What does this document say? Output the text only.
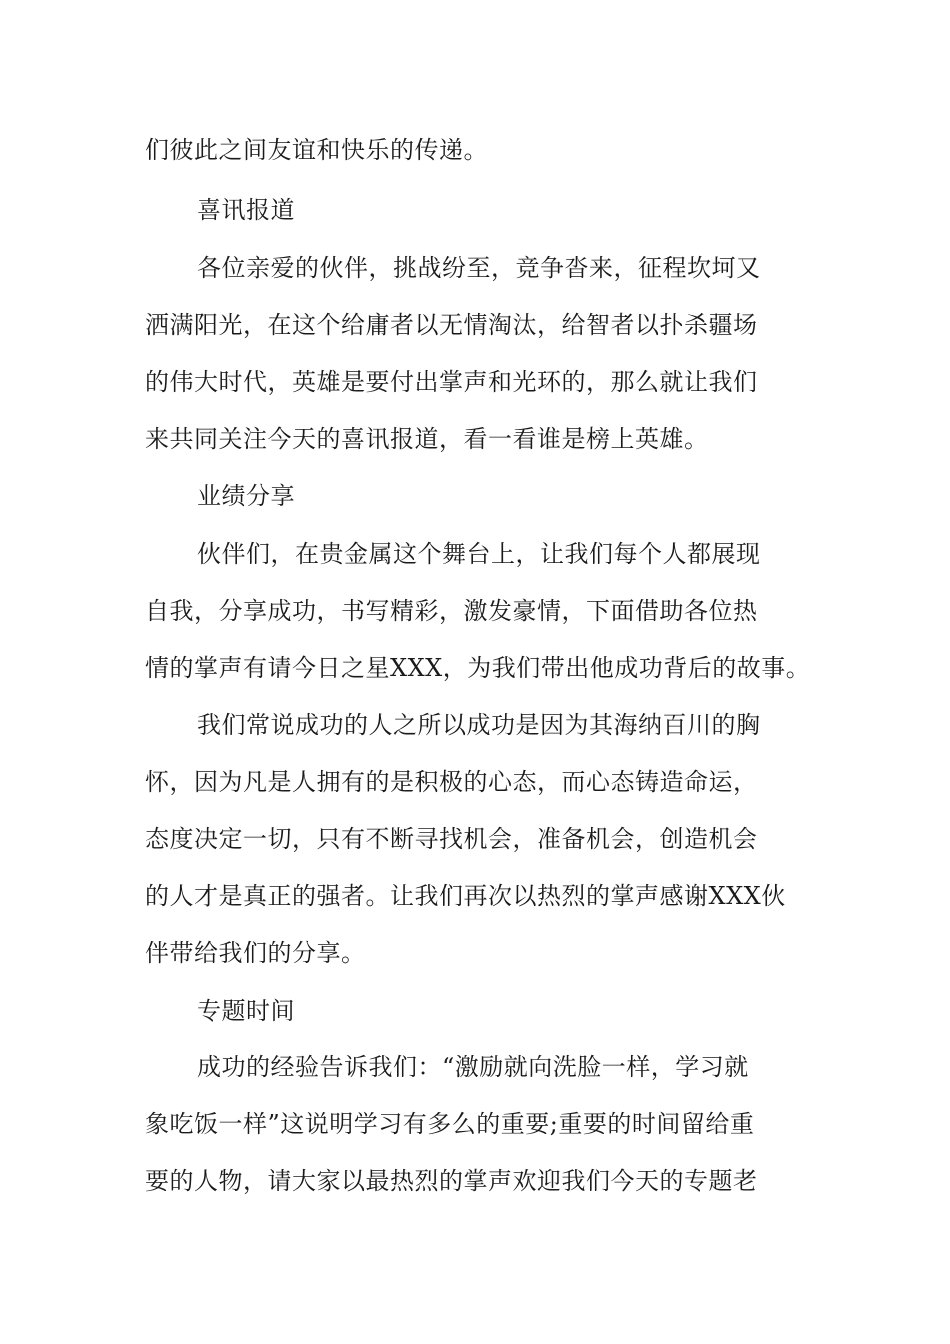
们彼此之间友谊和快乐的传递。
喜讯报道
各位亲爱的伙伴，挑战纷至，竞争沓来，征程坎坷又
洒满阳光，在这个给庸者以无情淘汰，给智者以扑杀疆场
的伟大时代，英雄是要付出掌声和光环的，那么就让我们
来共同关注今天的喜讯报道，看一看谁是榜上英雄。
业绩分享
伙伴们，在贵金属这个舞台上，让我们每个人都展现
自我，分享成功，书写精彩，激发豪情，下面借助各位热
情的掌声有请今日之星XXX，为我们带出他成功背后的故事。
我们常说成功的人之所以成功是因为其海纳百川的胸
怀，因为凡是人拥有的是积极的心态，而心态铸造命运，
态度决定一切，只有不断寻找机会，准备机会，创造机会
的人才是真正的强者。让我们再次以热烈的掌声感谢XXX伙
伴带给我们的分享。
专题时间
成功的经验告诉我们：“激励就向洗脸一样，学习就
象吃饭一样”这说明学习有多么的重要;重要的时间留给重
要的人物，请大家以最热烈的掌声欢迎我们今天的专题老
